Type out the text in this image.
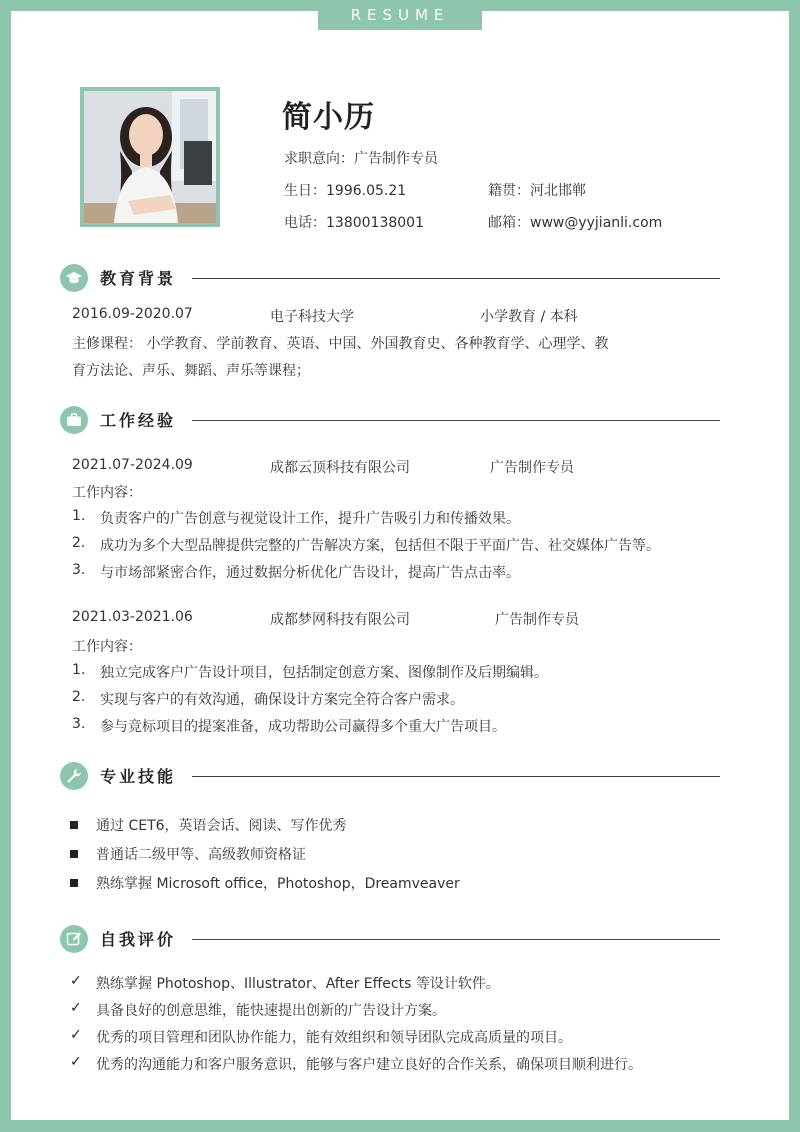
RESUME
简小历
求职意向：广告制作专员
生日：1996.05.21	籍贯：河北邯郸
电话：13800138001	邮箱：www@yyjianli.com
教育背景
2016.09-2020.07	电子科技大学	小学教育 / 本科
主修课程： 小学教育、学前教育、英语、中国、外国教育史、各种教育学、心理学、教
育方法论、声乐、舞蹈、声乐等课程；
工作经验
2021.07-2024.09	成都云顶科技有限公司	广告制作专员
工作内容：
1. 负责客户的广告创意与视觉设计工作，提升广告吸引力和传播效果。
2. 成功为多个大型品牌提供完整的广告解决方案，包括但不限于平面广告、社交媒体广告等。
3. 与市场部紧密合作，通过数据分析优化广告设计，提高广告点击率。
2021.03-2021.06	成都梦网科技有限公司	广告制作专员
工作内容：
1. 独立完成客户广告设计项目，包括制定创意方案、图像制作及后期编辑。
2. 实现与客户的有效沟通，确保设计方案完全符合客户需求。
3. 参与竞标项目的提案准备，成功帮助公司赢得多个重大广告项目。
专业技能
通过 CET6，英语会话、阅读、写作优秀
普通话二级甲等、高级教师资格证
熟练掌握 Microsoft office，Photoshop，Dreamveaver
自我评价
✓ 熟练掌握 Photoshop、Illustrator、After Effects 等设计软件。
✓ 具备良好的创意思维，能快速提出创新的广告设计方案。
✓ 优秀的项目管理和团队协作能力，能有效组织和领导团队完成高质量的项目。
✓ 优秀的沟通能力和客户服务意识，能够与客户建立良好的合作关系，确保项目顺利进行。
